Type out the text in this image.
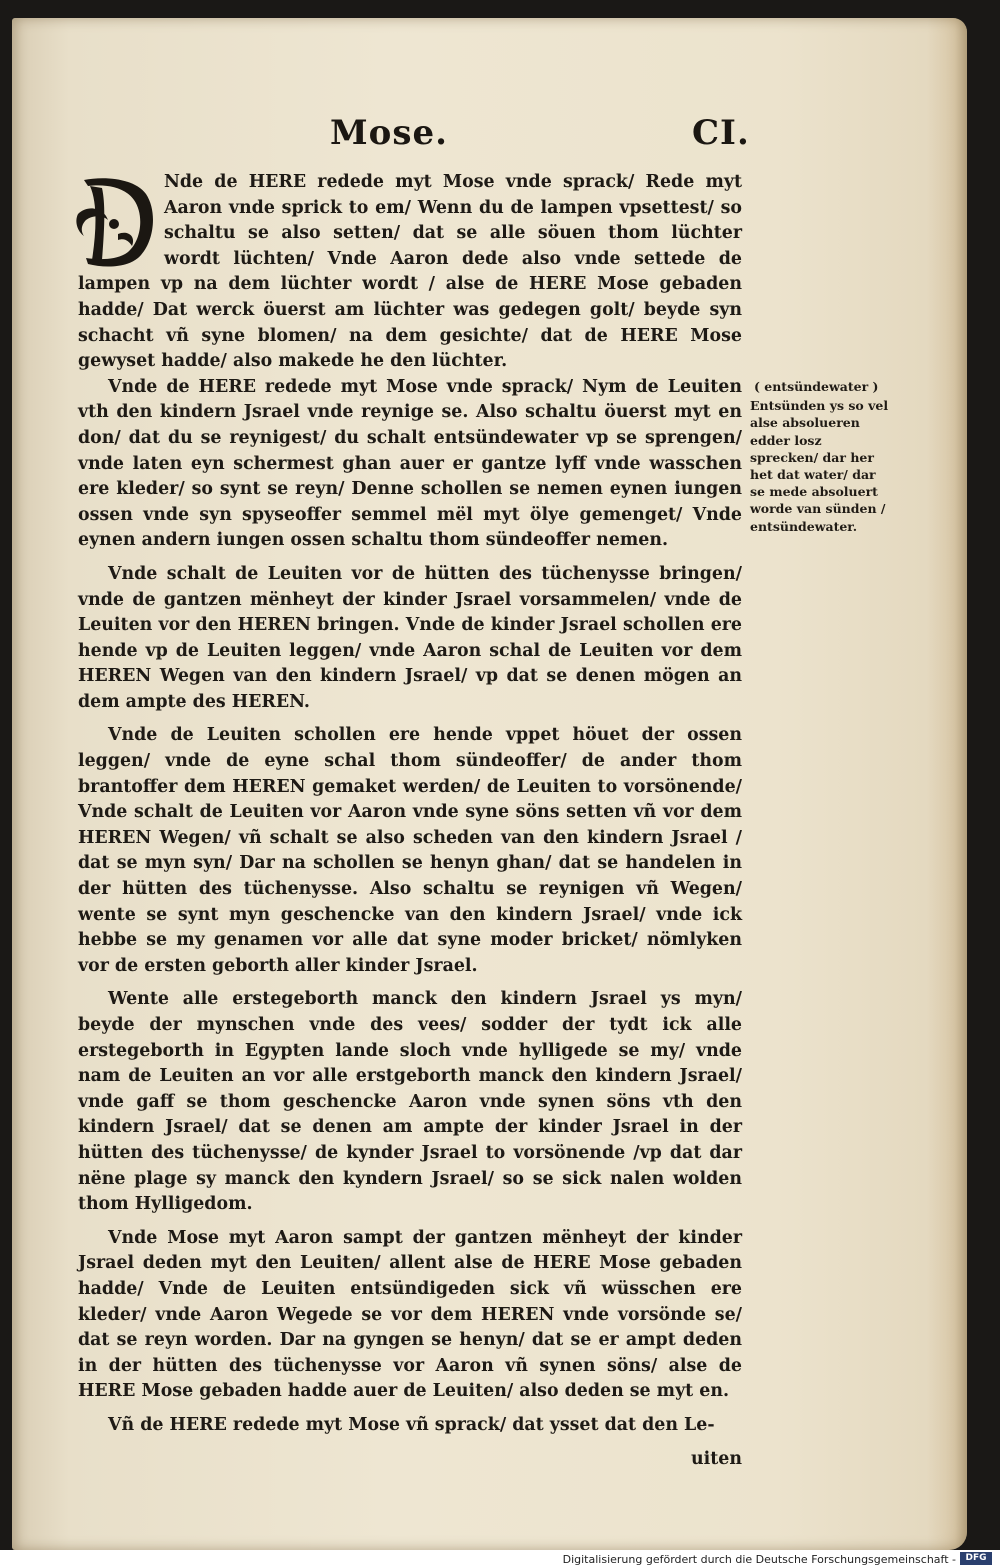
Mose.	CI.

Nde de HERE redede myt Mose vnde sprack/ Rede myt Aaron vnde sprick to em/ Wenn du de lampen vpsettest/ so schaltu se also setten/ dat se alle söuen thom lüchter wordt lüchten/ Vnde Aaron dede also vnde settede de lampen vp na dem lüchter wordt / alse de HERE Mose gebaden hadde/ Dat werck öuerst am lüchter was gedegen golt/ beyde syn schacht vñ syne blomen/ na dem gesichte/ dat de HERE Mose gewyset hadde/ also makede he den lüchter.

Vnde de HERE redede myt Mose vnde sprack/ Nym de Leuiten vth den kindern Jsrael vnde reynige se. Also schaltu öuerst myt en don/ dat du se reynigest/ du schalt entsündewater vp se sprengen/ vnde laten eyn schermest ghan auer er gantze lyff vnde wasschen ere kleder/ so synt se reyn/ Denne schollen se nemen eynen iungen ossen vnde syn spyseoffer semmel mël myt ölye gemenget/ Vnde eynen andern iungen ossen schaltu thom sündeoffer nemen.

Vnde schalt de Leuiten vor de hütten des tüchenysse bringen/ vnde de gantzen mënheyt der kinder Jsrael vorsammelen/ vnde de Leuiten vor den HEREN bringen. Vnde de kinder Jsrael schollen ere hende vp de Leuiten leggen/ vnde Aaron schal de Leuiten vor dem HEREN Wegen van den kindern Jsrael/ vp dat se denen mögen an dem ampte des HEREN.

Vnde de Leuiten schollen ere hende vppet höuet der ossen leggen/ vnde de eyne schal thom sündeoffer/ de ander thom brantoffer dem HEREN gemaket werden/ de Leuiten to vorsönende/ Vnde schalt de Leuiten vor Aaron vnde syne söns setten vñ vor dem HEREN Wegen/ vñ schalt se also scheden van den kindern Jsrael / dat se myn syn/ Dar na schollen se henyn ghan/ dat se handelen in der hütten des tüchenysse. Also schaltu se reynigen vñ Wegen/ wente se synt myn geschencke van den kindern Jsrael/ vnde ick hebbe se my genamen vor alle dat syne moder bricket/ nömlyken vor de ersten geborth aller kinder Jsrael.

Wente alle erstegeborth manck den kindern Jsrael ys myn/ beyde der mynschen vnde des vees/ sodder der tydt ick alle erstegeborth in Egypten lande sloch vnde hylligede se my/ vnde nam de Leuiten an vor alle erstgeborth manck den kindern Jsrael/ vnde gaff se thom geschencke Aaron vnde synen söns vth den kindern Jsrael/ dat se denen am ampte der kinder Jsrael in der hütten des tüchenysse/ de kynder Jsrael to vorsönende /vp dat dar nëne plage sy manck den kyndern Jsrael/ so se sick nalen wolden thom Hylligedom.

Vnde Mose myt Aaron sampt der gantzen mënheyt der kinder Jsrael deden myt den Leuiten/ allent alse de HERE Mose gebaden hadde/ Vnde de Leuiten entsündigeden sick vñ wüsschen ere kleder/ vnde Aaron Wegede se vor dem HEREN vnde vorsönde se/ dat se reyn worden. Dar na gyngen se henyn/ dat se er ampt deden in der hütten des tüchenysse vor Aaron vñ synen söns/ alse de HERE Mose gebaden hadde auer de Leuiten/ also deden se myt en.

Vñ de HERE redede myt Mose vñ sprack/ dat ysset dat den Le-

uiten
( entsündewater )
Entsünden ys so vel alse absolueren edder losz sprecken/ dar her het dat water/ dar se mede absoluert worde van sünden / entsündewater.
Digitalisierung gefördert durch die Deutsche Forschungsgemeinschaft -	DFG
